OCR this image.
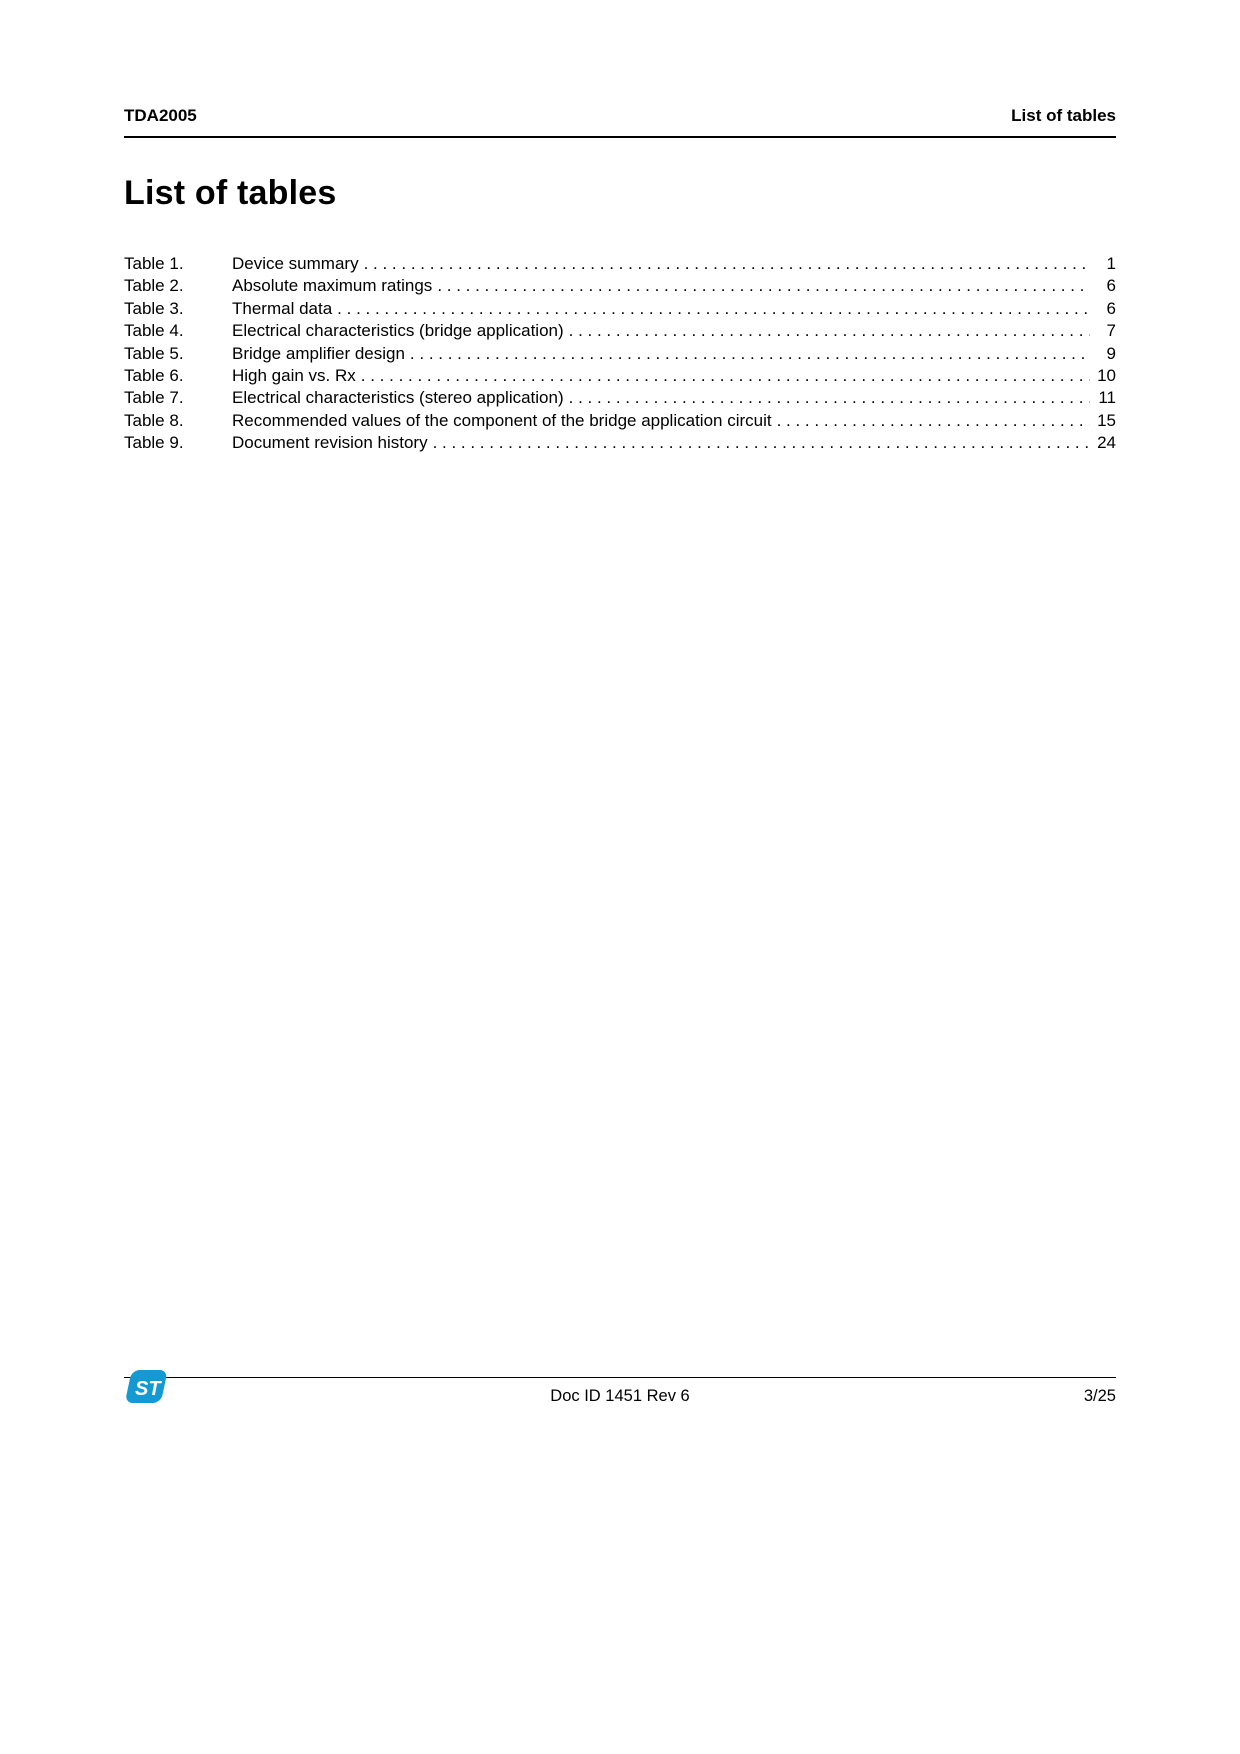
TDA2005	List of tables
List of tables
Table 1.	Device summary . . .	1
Table 2.	Absolute maximum ratings . . .	6
Table 3.	Thermal data . . .	6
Table 4.	Electrical characteristics (bridge application) . . .	7
Table 5.	Bridge amplifier design . . .	9
Table 6.	High gain vs. Rx . . .	10
Table 7.	Electrical characteristics (stereo application) . . .	11
Table 8.	Recommended values of the component of the bridge application circuit . . .	15
Table 9.	Document revision history . . .	24
ST	Doc ID 1451 Rev 6	3/25
